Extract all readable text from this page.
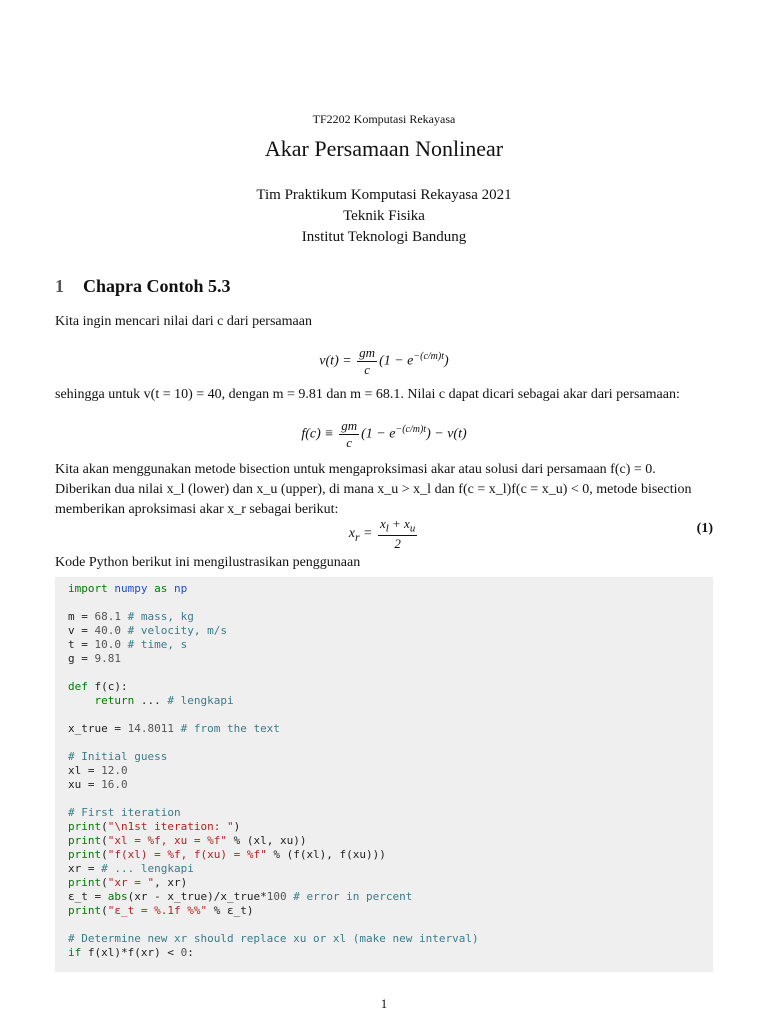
TF2202 Komputasi Rekayasa
Akar Persamaan Nonlinear
Tim Praktikum Komputasi Rekayasa 2021
Teknik Fisika
Institut Teknologi Bandung
1 Chapra Contoh 5.3
Kita ingin mencari nilai dari c dari persamaan
$v(t) = \frac{gm}{c} (1 - e^{-(c/m)t})$
sehingga untuk v(t = 10) = 40, dengan m = 9.81 dan m = 68.1. Nilai c dapat dicari sebagai akar dari persamaan:
$f(c) \equiv \frac{gm}{c} (1 - e^{-(c/m)t}) - v(t)$
Kita akan menggunakan metode bisection untuk mengaproksimasi akar atau solusi dari persamaan f(c) = 0. Diberikan dua nilai x_l (lower) dan x_u (upper), di mana x_u > x_l dan f(c = x_l)f(c = x_u) < 0, metode bisection memberikan aproksimasi akar x_r sebagai berikut:
$x_r = \frac{x_l + x_u}{2}$	(1)
Kode Python berikut ini mengilustrasikan penggunaan
import numpy as np

m = 68.1 # mass, kg
v = 40.0 # velocity, m/s
t = 10.0 # time, s
g = 9.81

def f(c):
return ... # lengkapi

x_true = 14.8011 # from the text

# Initial guess
xl = 12.0
xu = 16.0

# First iteration
print("\n1st iteration: ")
print("xl = %f, xu = %f" % (xl, xu))
print("f(xl) = %f, f(xu) = %f" % (f(xl), f(xu)))
xr = # ... lengkapi
print("xr = ", xr)
ε_t = abs(xr - x_true)/x_true*100 # error in percent
print("ε_t = %.1f %%" % ε_t)

# Determine new xr should replace xu or xl (make new interval)
if f(xl)*f(xr) < 0:
1
